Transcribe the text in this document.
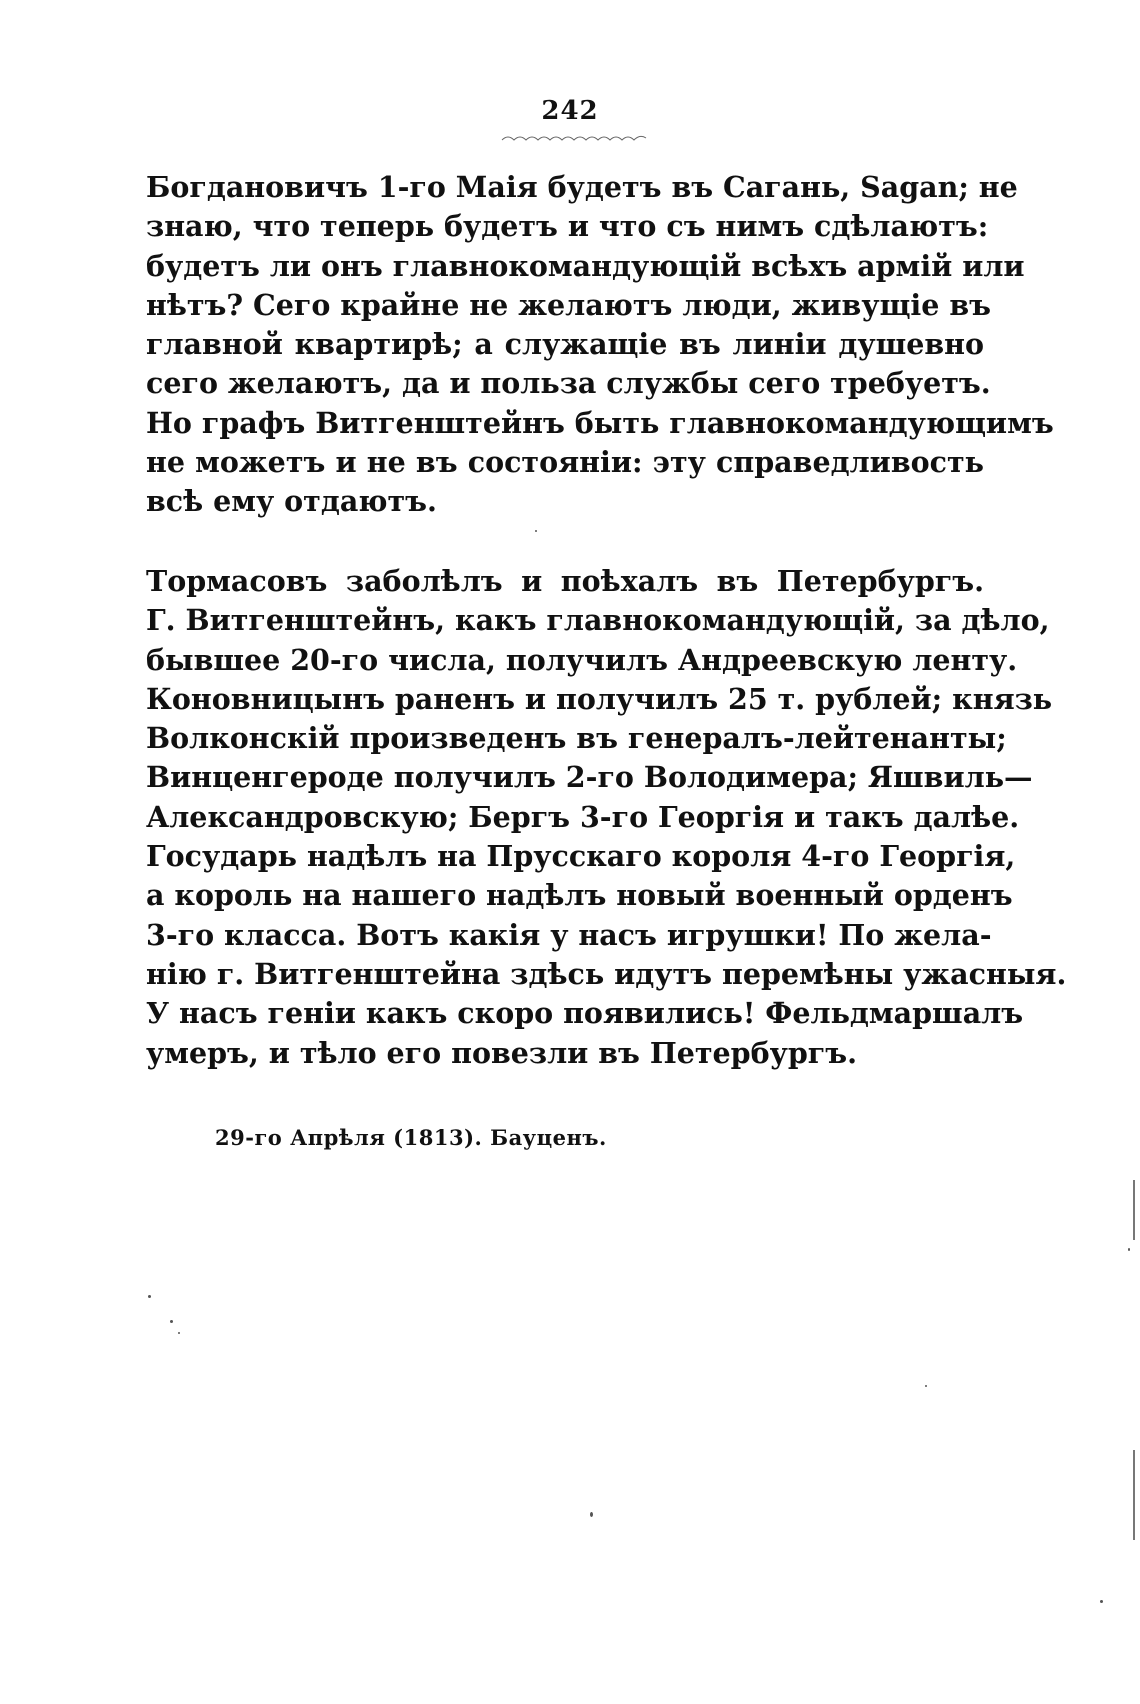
242
Богдановичъ 1-го Маія будетъ въ Сагань, Sagan; не
знаю, что теперь будетъ и что съ нимъ сдѣлаютъ:
будетъ ли онъ главнокомандующій всѣхъ армій или
нѣтъ? Сего крайне не желаютъ люди, живущіе въ
главной квартирѣ; а служащіе въ линіи душевно
сего желаютъ, да и польза службы сего требуетъ.
Но графъ Витгенштейнъ быть главнокомандующимъ
не можетъ и не въ состояніи: эту справедливость
всѣ ему отдаютъ.
Тормасовъ заболѣлъ и поѣхалъ въ Петербургъ.
Г. Витгенштейнъ, какъ главнокомандующій, за дѣло,
бывшее 20-го числа, получилъ Андреевскую ленту.
Коновницынъ раненъ и получилъ 25 т. рублей; князь
Волконскій произведенъ въ генералъ-лейтенанты;
Винценгероде получилъ 2-го Володимера; Яшвиль—
Александровскую; Бергъ 3-го Георгія и такъ далѣе.
Государь надѣлъ на Прусскаго короля 4-го Георгія,
а король на нашего надѣлъ новый военный орденъ
3-го класса. Вотъ какія у насъ игрушки! По жела-
нію г. Витгенштейна здѣсь идутъ перемѣны ужасныя.
У насъ геніи какъ скоро появились! Фельдмаршалъ
умеръ, и тѣло его повезли въ Петербургъ.
29-го Апрѣля (1813). Бауценъ.
